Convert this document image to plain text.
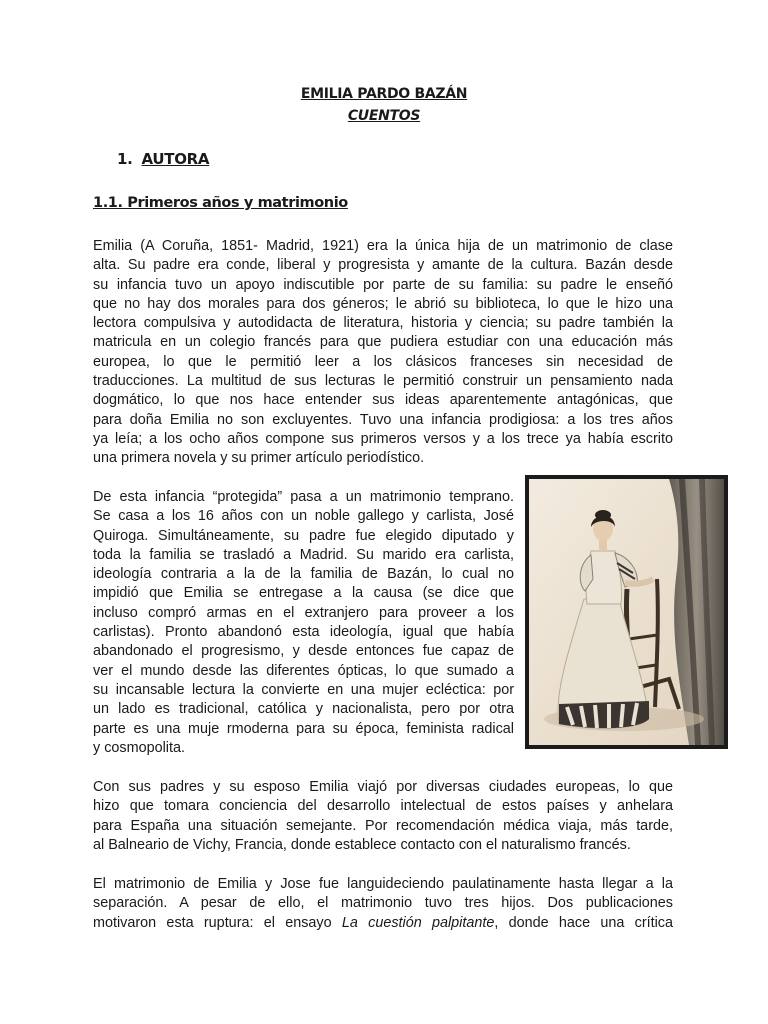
EMILIA PARDO BAZÁN
CUENTOS
1. AUTORA
1.1. Primeros años y matrimonio
Emilia (A Coruña, 1851- Madrid, 1921) era la única hija de un matrimonio de clase
alta. Su padre era conde, liberal y progresista y amante de la cultura. Bazán desde
su infancia tuvo un apoyo indiscutible por parte de su familia: su padre le enseñó
que no hay dos morales para dos géneros; le abrió su biblioteca, lo que le hizo una
lectora compulsiva y autodidacta de literatura, historia y ciencia; su padre también la
matricula en un colegio francés para que pudiera estudiar con una educación más
europea, lo que le permitió leer a los clásicos franceses sin necesidad de
traducciones. La multitud de sus lecturas le permitió construir un pensamiento nada
dogmático, lo que nos hace entender sus ideas aparentemente antagónicas, que
para doña Emilia no son excluyentes. Tuvo una infancia prodigiosa: a los tres años
ya leía; a los ocho años compone sus primeros versos y a los trece ya había escrito
una primera novela y su primer artículo periodístico.
De esta infancia “protegida” pasa a un matrimonio temprano.
Se casa a los 16 años con un noble gallego y carlista, José
Quiroga. Simultáneamente, su padre fue elegido diputado y
toda la familia se trasladó a Madrid. Su marido era carlista,
ideología contraria a la de la familia de Bazán, lo cual no
impidió que Emilia se entregase a la causa (se dice que
incluso compró armas en el extranjero para proveer a los
carlistas). Pronto abandonó esta ideología, igual que había
abandonado el progresismo, y desde entonces fue capaz de
ver el mundo desde las diferentes ópticas, lo que sumado a
su incansable lectura la convierte en una mujer ecléctica: por
un lado es tradicional, católica y nacionalista, pero por otra
parte es una muje rmoderna para su época, feminista radical
y cosmopolita.
Con sus padres y su esposo Emilia viajó por diversas ciudades europeas, lo que
hizo que tomara conciencia del desarrollo intelectual de estos países y anhelara
para España una situación semejante. Por recomendación médica viaja, más tarde,
al Balneario de Vichy, Francia, donde establece contacto con el naturalismo francés.
El matrimonio de Emilia y Jose fue languideciendo paulatinamente hasta llegar a la
separación. A pesar de ello, el matrimonio tuvo tres hijos. Dos publicaciones
motivaron esta ruptura: el ensayo La cuestión palpitante, donde hace una crítica
